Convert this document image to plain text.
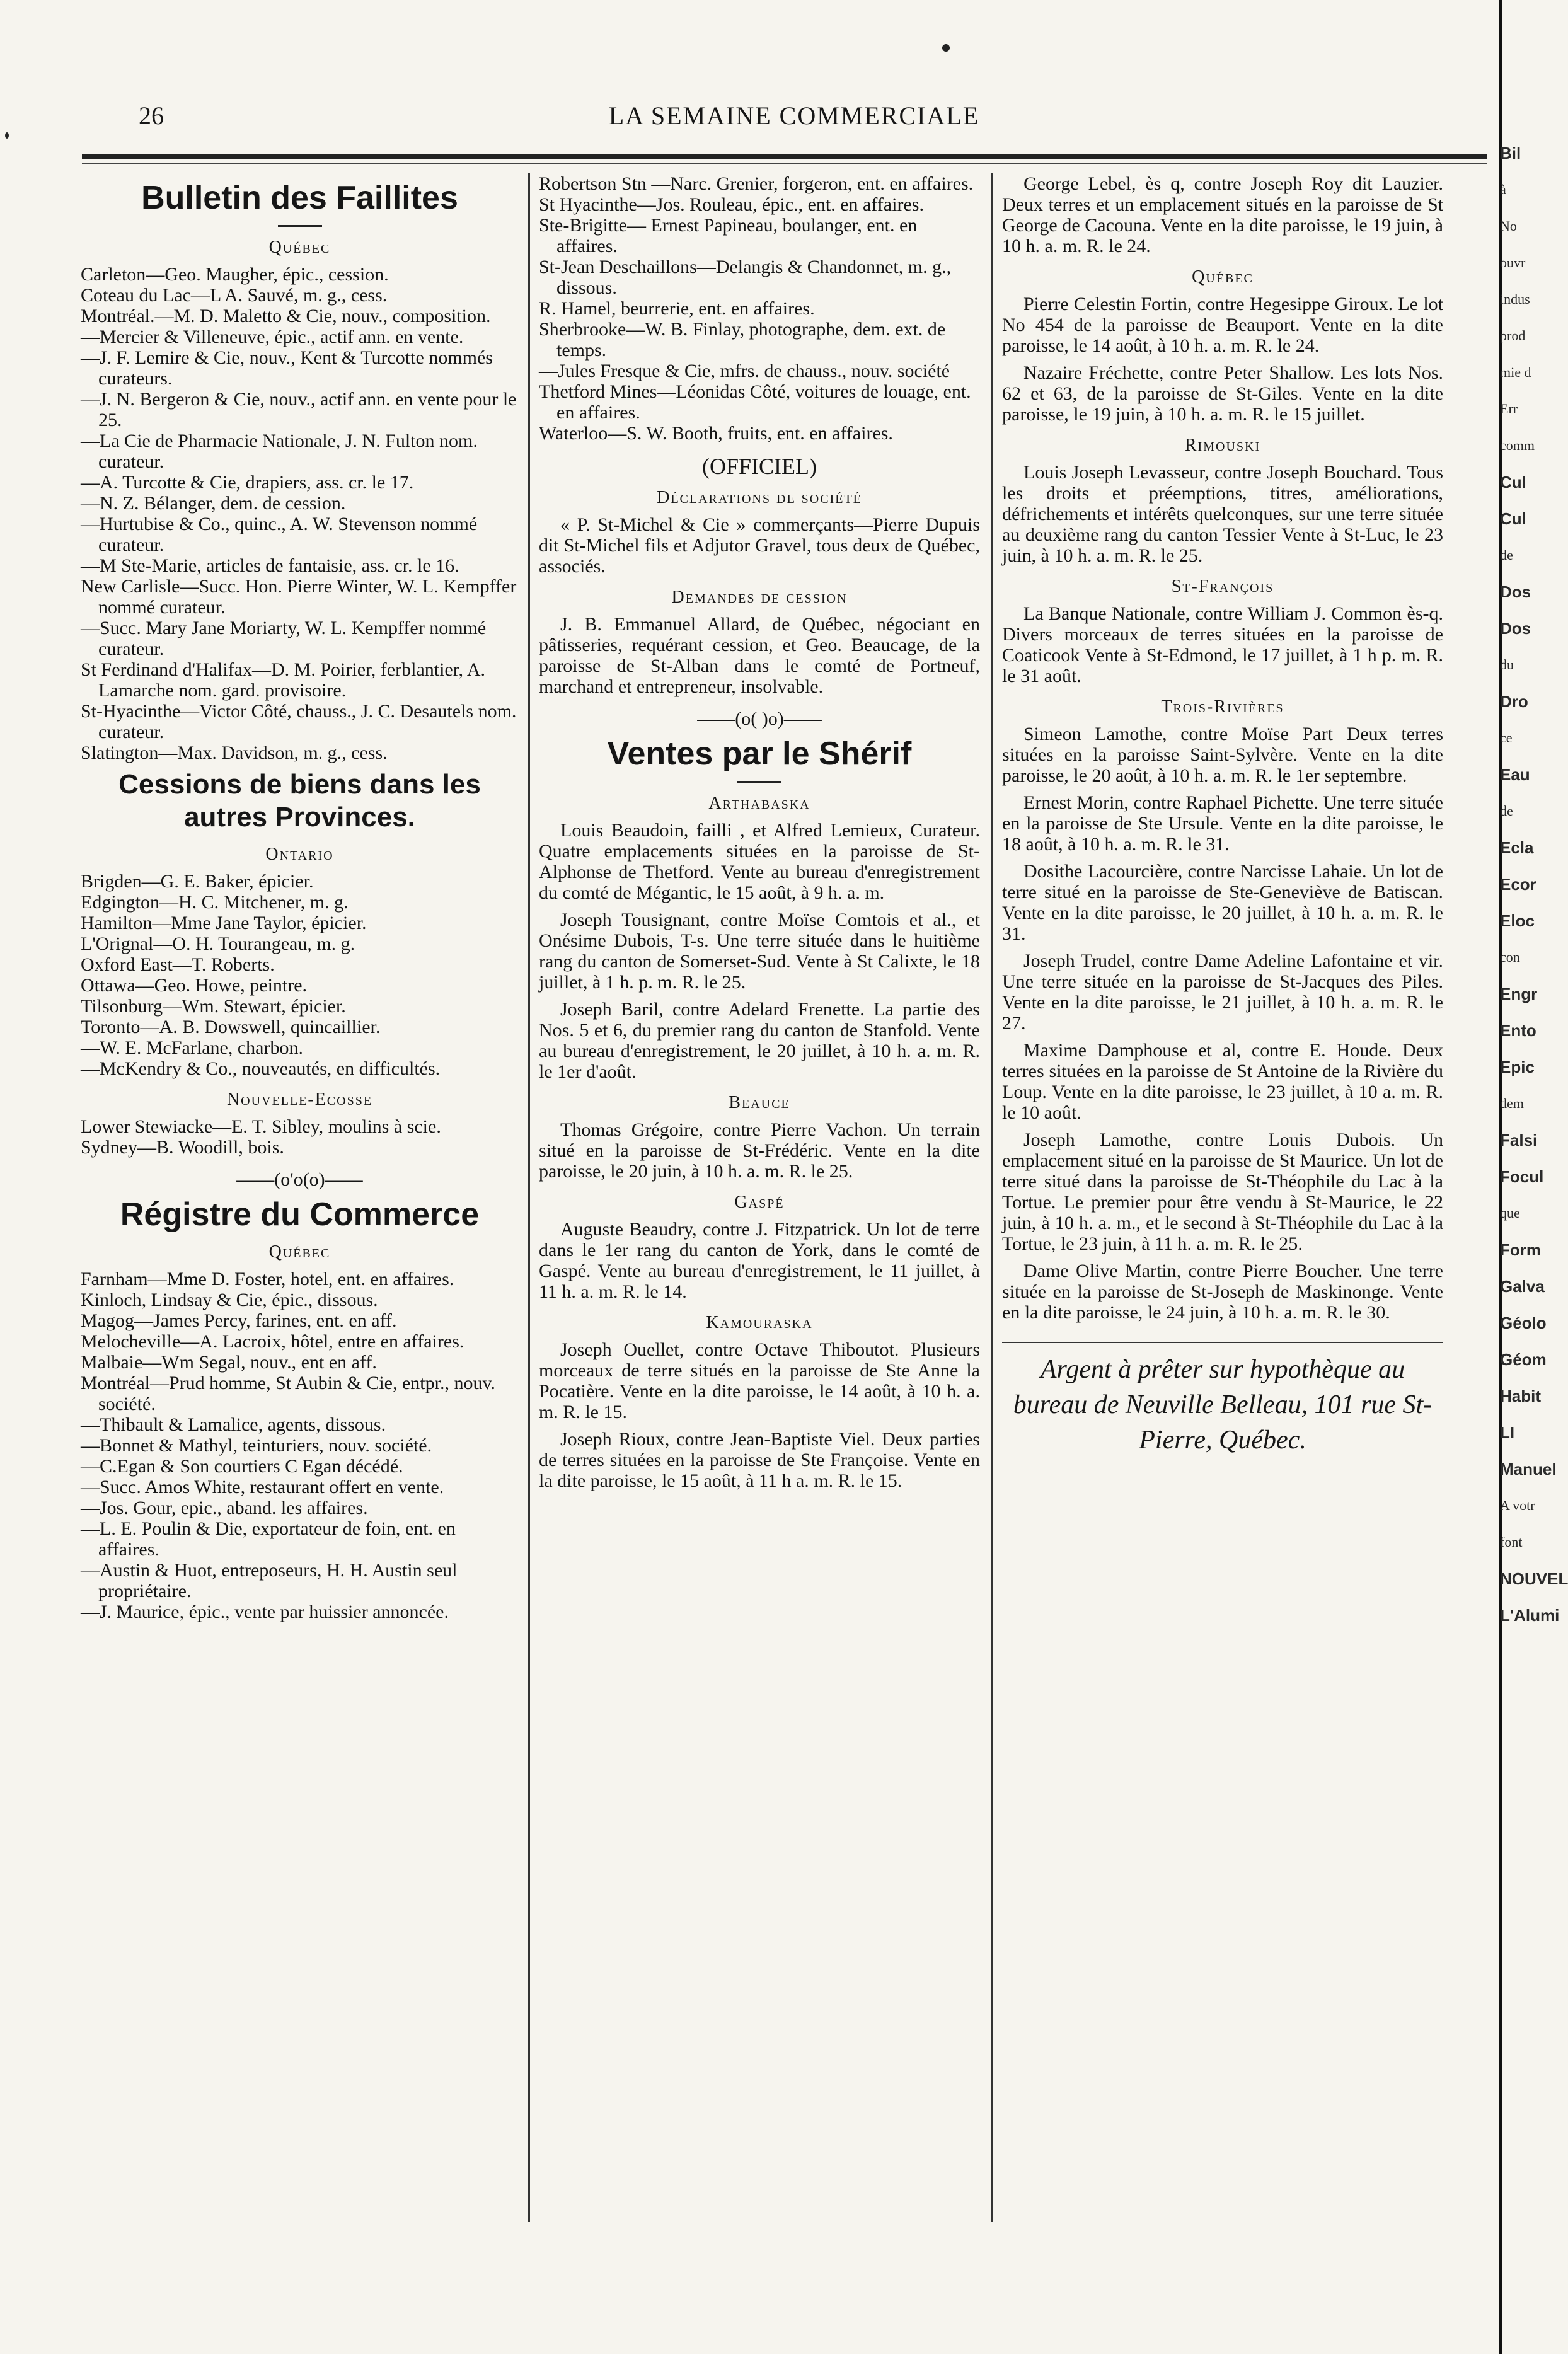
26	LA SEMAINE COMMERCIALE
Bulletin des Faillites
Québec

Carleton—Geo. Maugher, épic., cession.

Coteau du Lac—L A. Sauvé, m. g., cess.

Montréal.—M. D. Maletto & Cie, nouv., composition.

—Mercier & Villeneuve, épic., actif ann. en vente.

—J. F. Lemire & Cie, nouv., Kent & Turcotte nommés curateurs.

—J. N. Bergeron & Cie, nouv., actif ann. en vente pour le 25.

—La Cie de Pharmacie Nationale, J. N. Fulton nom. curateur.

—A. Turcotte & Cie, drapiers, ass. cr. le 17.

—N. Z. Bélanger, dem. de cession.

—Hurtubise & Co., quinc., A. W. Stevenson nommé curateur.

—M Ste-Marie, articles de fantaisie, ass. cr. le 16.

New Carlisle—Succ. Hon. Pierre Winter, W. L. Kempffer nommé curateur.

—Succ. Mary Jane Moriarty, W. L. Kempffer nommé curateur.

St Ferdinand d'Halifax—D. M. Poirier, ferblantier, A. Lamarche nom. gard. provisoire.

St-Hyacinthe—Victor Côté, chauss., J. C. Desautels nom. curateur.

Slatington—Max. Davidson, m. g., cess.

Cessions de biens dans les autres Provinces.
Ontario

Brigden—G. E. Baker, épicier.

Edgington—H. C. Mitchener, m. g.

Hamilton—Mme Jane Taylor, épicier.

L'Orignal—O. H. Tourangeau, m. g.

Oxford East—T. Roberts.

Ottawa—Geo. Howe, peintre.

Tilsonburg—Wm. Stewart, épicier.

Toronto—A. B. Dowswell, quincaillier.

—W. E. McFarlane, charbon.

—McKendry & Co., nouveautés, en difficultés.

Nouvelle-Ecosse

Lower Stewiacke—E. T. Sibley, moulins à scie.

Sydney—B. Woodill, bois.

——(o'o(o)——
Régistre du Commerce
Québec

Farnham—Mme D. Foster, hotel, ent. en affaires.

Kinloch, Lindsay & Cie, épic., dissous.

Magog—James Percy, farines, ent. en aff.

Melocheville—A. Lacroix, hôtel, entre en affaires.

Malbaie—Wm Segal, nouv., ent en aff.

Montréal—Prud homme, St Aubin & Cie, entpr., nouv. société.

—Thibault & Lamalice, agents, dissous.

—Bonnet & Mathyl, teinturiers, nouv. société.

—C.Egan & Son courtiers C Egan décédé.

—Succ. Amos White, restaurant offert en vente.

—Jos. Gour, epic., aband. les affaires.

—L. E. Poulin & Die, exportateur de foin, ent. en affaires.

—Austin & Huot, entreposeurs, H. H. Austin seul propriétaire.

—J. Maurice, épic., vente par huissier annoncée.

Robertson Stn —Narc. Grenier, forgeron, ent. en affaires.

St Hyacinthe—Jos. Rouleau, épic., ent. en affaires.

Ste-Brigitte— Ernest Papineau, boulanger, ent. en affaires.

St-Jean Deschaillons—Delangis & Chandonnet, m. g., dissous.

R. Hamel, beurrerie, ent. en affaires.

Sherbrooke—W. B. Finlay, photographe, dem. ext. de temps.

—Jules Fresque & Cie, mfrs. de chauss., nouv. société

Thetford Mines—Léonidas Côté, voitures de louage, ent. en affaires.

Waterloo—S. W. Booth, fruits, ent. en affaires.

(OFFICIEL)
Déclarations de société

« P. St-Michel & Cie » commerçants—Pierre Dupuis dit St-Michel fils et Adjutor Gravel, tous deux de Québec, associés.

Demandes de cession

J. B. Emmanuel Allard, de Québec, négociant en pâtisseries, requérant cession, et Geo. Beaucage, de la paroisse de St-Alban dans le comté de Portneuf, marchand et entrepreneur, insolvable.

——(o( )o)——
Ventes par le Shérif
Arthabaska

Louis Beaudoin, failli , et Alfred Lemieux, Curateur. Quatre emplacements situées en la paroisse de St-Alphonse de Thetford. Vente au bureau d'enregistrement du comté de Mégantic, le 15 août, à 9 h. a. m.

Joseph Tousignant, contre Moïse Comtois et al., et Onésime Dubois, T-s. Une terre située dans le huitième rang du canton de Somerset-Sud. Vente à St Calixte, le 18 juillet, à 1 h. p. m. R. le 25.

Joseph Baril, contre Adelard Frenette. La partie des Nos. 5 et 6, du premier rang du canton de Stanfold. Vente au bureau d'enregistrement, le 20 juillet, à 10 h. a. m. R. le 1er d'août.

Beauce

Thomas Grégoire, contre Pierre Vachon. Un terrain situé en la paroisse de St-Frédéric. Vente en la dite paroisse, le 20 juin, à 10 h. a. m. R. le 25.

Gaspé

Auguste Beaudry, contre J. Fitzpatrick. Un lot de terre dans le 1er rang du canton de York, dans le comté de Gaspé. Vente au bureau d'enregistrement, le 11 juillet, à 11 h. a. m. R. le 14.

Kamouraska

Joseph Ouellet, contre Octave Thiboutot. Plusieurs morceaux de terre situés en la paroisse de Ste Anne la Pocatière. Vente en la dite paroisse, le 14 août, à 10 h. a. m. R. le 15.

Joseph Rioux, contre Jean-Baptiste Viel. Deux parties de terres situées en la paroisse de Ste Françoise. Vente en la dite paroisse, le 15 août, à 11 h a. m. R. le 15.

George Lebel, ès q, contre Joseph Roy dit Lauzier. Deux terres et un emplacement situés en la paroisse de St George de Cacouna. Vente en la dite paroisse, le 19 juin, à 10 h. a. m. R. le 24.

Québec

Pierre Celestin Fortin, contre Hegesippe Giroux. Le lot No 454 de la paroisse de Beauport. Vente en la dite paroisse, le 14 août, à 10 h. a. m. R. le 24.

Nazaire Fréchette, contre Peter Shallow. Les lots Nos. 62 et 63, de la paroisse de St-Giles. Vente en la dite paroisse, le 19 juin, à 10 h. a. m. R. le 15 juillet.

Rimouski

Louis Joseph Levasseur, contre Joseph Bouchard. Tous les droits et préemptions, titres, améliorations, défrichements et intérêts quelconques, sur une terre située au deuxième rang du canton Tessier Vente à St-Luc, le 23 juin, à 10 h. a. m. R. le 25.

St-François

La Banque Nationale, contre William J. Common ès-q. Divers morceaux de terres situées en la paroisse de Coaticook Vente à St-Edmond, le 17 juillet, à 1 h p. m. R. le 31 août.

Trois-Rivières

Simeon Lamothe, contre Moïse Part Deux terres situées en la paroisse Saint-Sylvère. Vente en la dite paroisse, le 20 août, à 10 h. a. m. R. le 1er septembre.

Ernest Morin, contre Raphael Pichette. Une terre située en la paroisse de Ste Ursule. Vente en la dite paroisse, le 18 août, à 10 h. a. m. R. le 31.

Dosithe Lacourcière, contre Narcisse Lahaie. Un lot de terre situé en la paroisse de Ste-Geneviève de Batiscan. Vente en la dite paroisse, le 20 juillet, à 10 h. a. m. R. le 31.

Joseph Trudel, contre Dame Adeline Lafontaine et vir. Une terre située en la paroisse de St-Jacques des Piles. Vente en la dite paroisse, le 21 juillet, à 10 h. a. m. R. le 27.

Maxime Damphouse et al, contre E. Houde. Deux terres situées en la paroisse de St Antoine de la Rivière du Loup. Vente en la dite paroisse, le 23 juillet, à 10 a. m. R. le 10 août.

Joseph Lamothe, contre Louis Dubois. Un emplacement situé en la paroisse de St Maurice. Un lot de terre situé dans la paroisse de St-Théophile du Lac à la Tortue. Le premier pour être vendu à St-Maurice, le 22 juin, à 10 h. a. m., et le second à St-Théophile du Lac à la Tortue, le 23 juin, à 11 h. a. m. R. le 25.

Dame Olive Martin, contre Pierre Boucher. Une terre située en la paroisse de St-Joseph de Maskinonge. Vente en la dite paroisse, le 24 juin, à 10 h. a. m. R. le 30.

Argent à prêter sur hypothèque au bureau de Neuville Belleau, 101 rue St-Pierre, Québec.
Bil
à
No
ouvr
indus
prod
mie d
Err
comm
Cul
Cul
de
Dos
Dos
du
Dro
ce
Eau
de
Ecla
Ecor
Eloc
con
Engr
Ento
Epic
dem
Falsi
Focul
que
Form
Galva
Géolo
Géom
Habit
LI
Manuel
A votr
font
NOUVEL
L'Alumi
